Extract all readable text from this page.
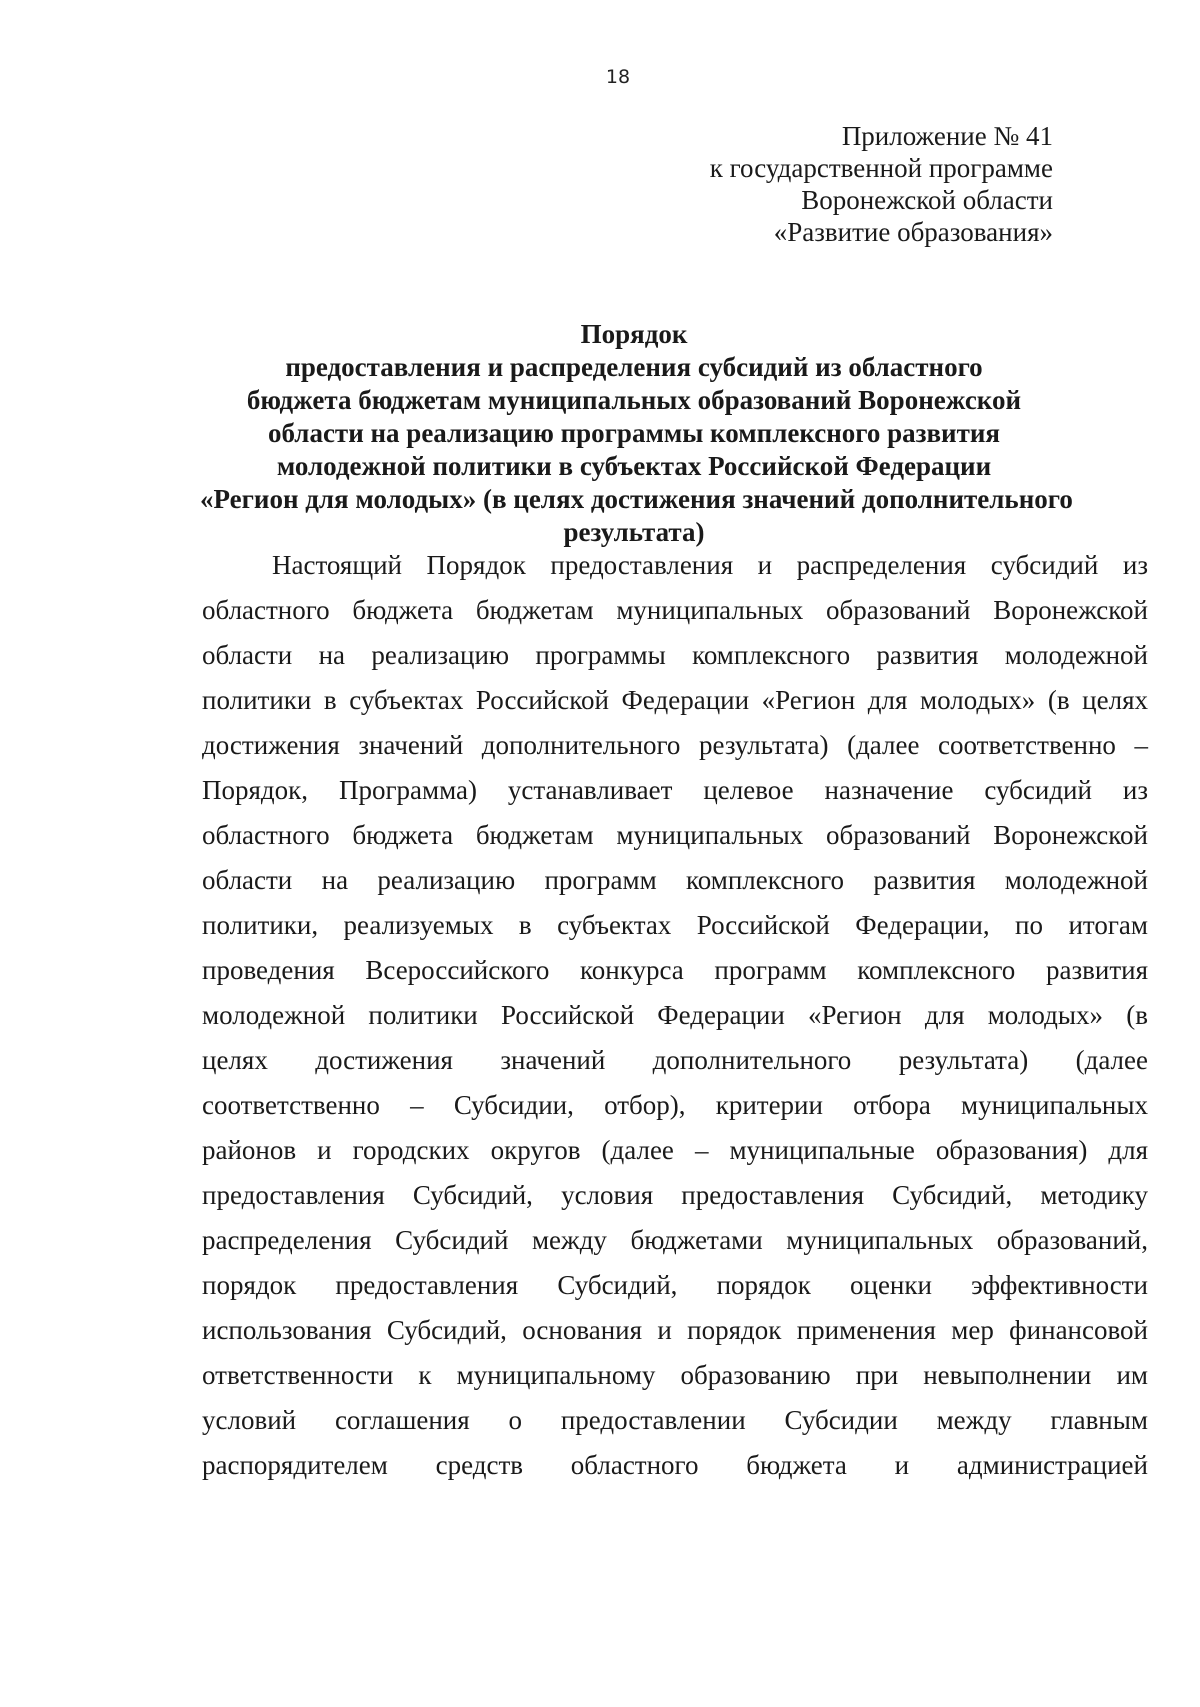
18
Приложение № 41
к государственной программе
Воронежской области
«Развитие образования»
Порядок
предоставления и распределения субсидий из областного
бюджета бюджетам муниципальных образований Воронежской
области на реализацию программы комплексного развития
молодежной политики в субъектах Российской Федерации
«Регион для молодых» (в целях достижения значений дополнительного
результата)
Настоящий Порядок предоставления и распределения субсидий из
областного бюджета бюджетам муниципальных образований Воронежской
области на реализацию программы комплексного развития молодежной
политики в субъектах Российской Федерации «Регион для молодых» (в целях
достижения значений дополнительного результата) (далее соответственно –
Порядок, Программа) устанавливает целевое назначение субсидий из
областного бюджета бюджетам муниципальных образований Воронежской
области на реализацию программ комплексного развития молодежной
политики, реализуемых в субъектах Российской Федерации, по итогам
проведения Всероссийского конкурса программ комплексного развития
молодежной политики Российской Федерации «Регион для молодых» (в
целях достижения значений дополнительного результата) (далее
соответственно – Субсидии, отбор), критерии отбора муниципальных
районов и городских округов (далее – муниципальные образования) для
предоставления Субсидий, условия предоставления Субсидий, методику
распределения Субсидий между бюджетами муниципальных образований,
порядок предоставления Субсидий, порядок оценки эффективности
использования Субсидий, основания и порядок применения мер финансовой
ответственности к муниципальному образованию при невыполнении им
условий соглашения о предоставлении Субсидии между главным
распорядителем средств областного бюджета и администрацией
